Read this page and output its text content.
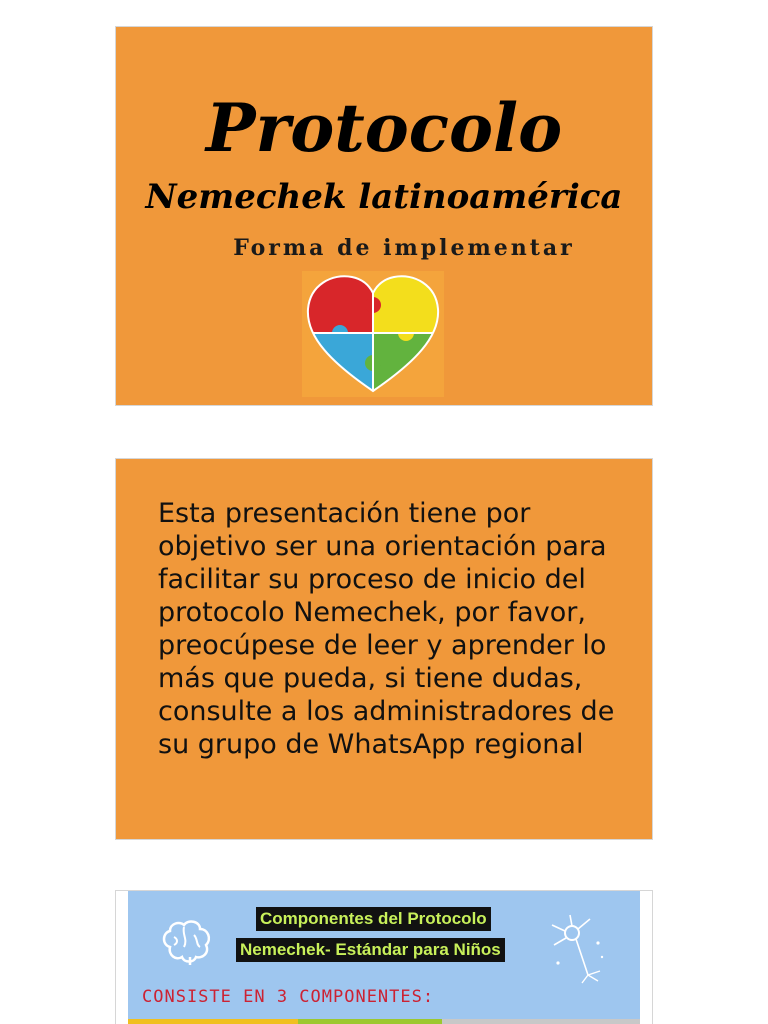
Protocolo
Nemechek latinoamérica
Forma de implementar
Esta presentación tiene por objetivo ser una orientación para facilitar su proceso de inicio del protocolo Nemechek, por favor, preocúpese de leer y aprender lo más que pueda, si tiene dudas, consulte a los administradores de su grupo de WhatsApp regional
Componentes del Protocolo
Nemechek- Estándar para Niños
CONSISTE EN 3 COMPONENTES:
